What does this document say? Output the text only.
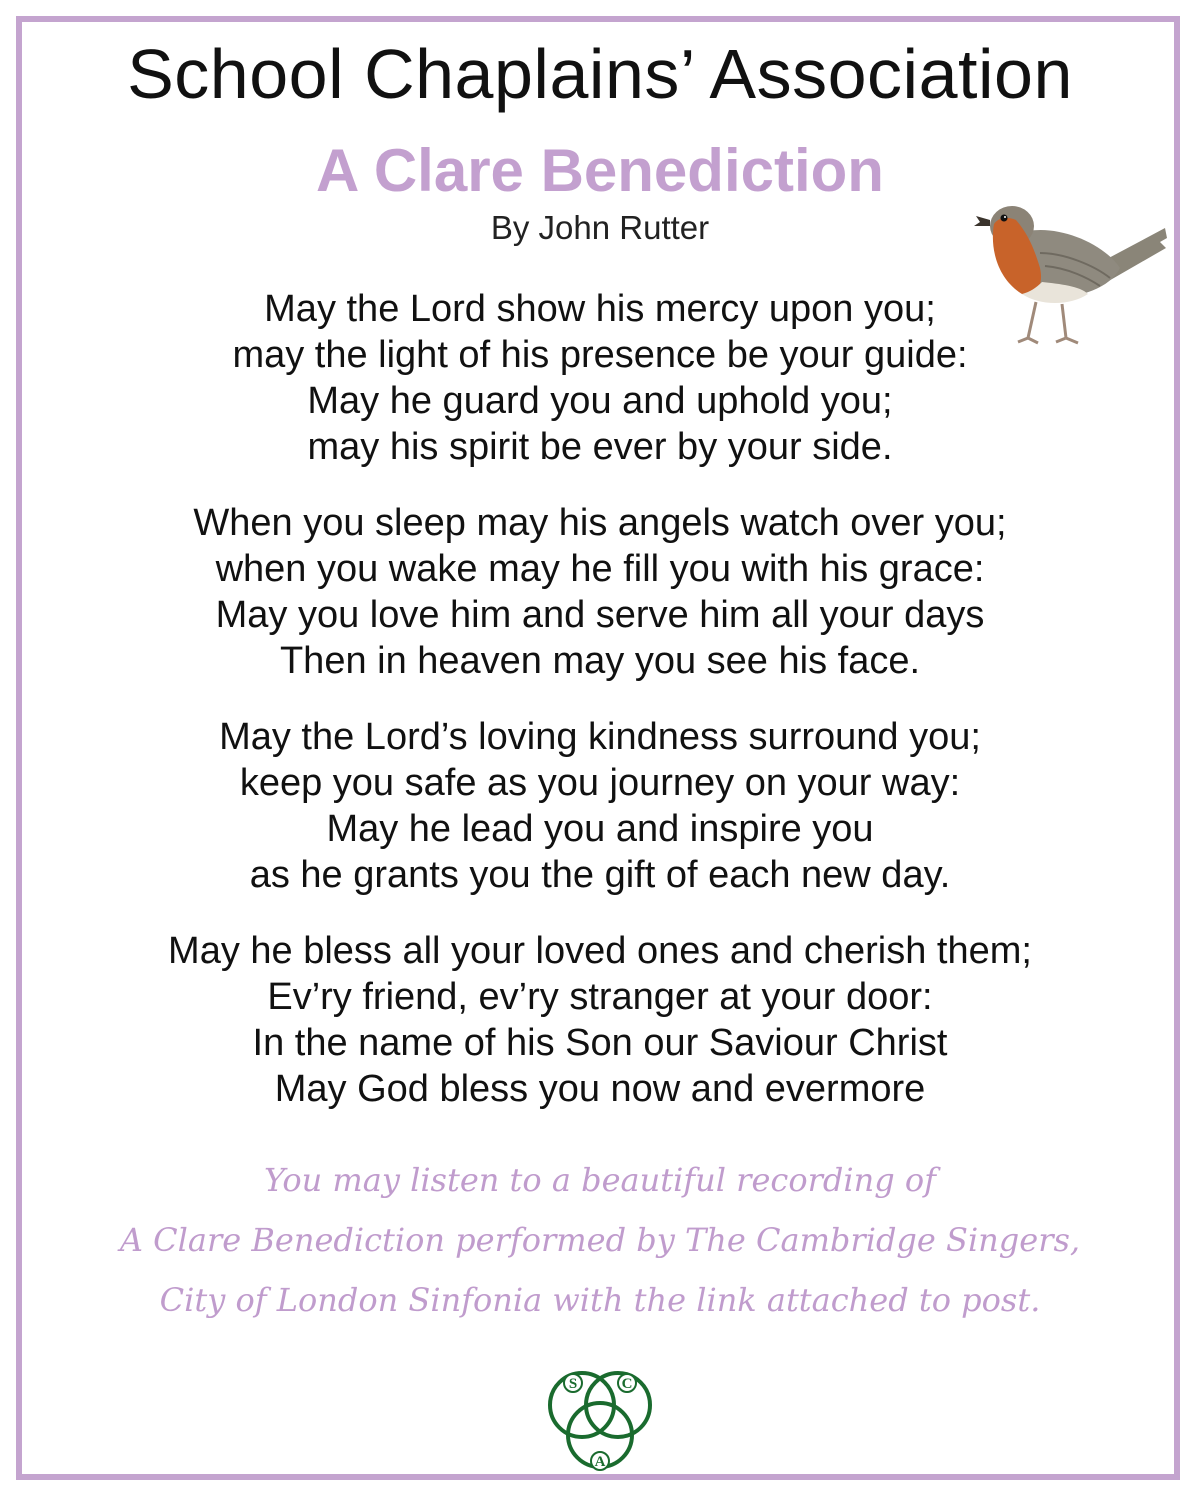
School Chaplains’ Association
A Clare Benediction
By John Rutter
May the Lord show his mercy upon you;
may the light of his presence be your guide:
May he guard you and uphold you;
may his spirit be ever by your side.
When you sleep may his angels watch over you;
when you wake may he fill you with his grace:
May you love him and serve him all your days
Then in heaven may you see his face.
May the Lord’s loving kindness surround you;
keep you safe as you journey on your way:
May he lead you and inspire you
as he grants you the gift of each new day.
May he bless all your loved ones and cherish them;
Ev’ry friend, ev’ry stranger at your door:
In the name of his Son our Saviour Christ
May God bless you now and evermore
You may listen to a beautiful recording of
A Clare Benediction performed by The Cambridge Singers,
City of London Sinfonia with the link attached to post.
S	C
A
